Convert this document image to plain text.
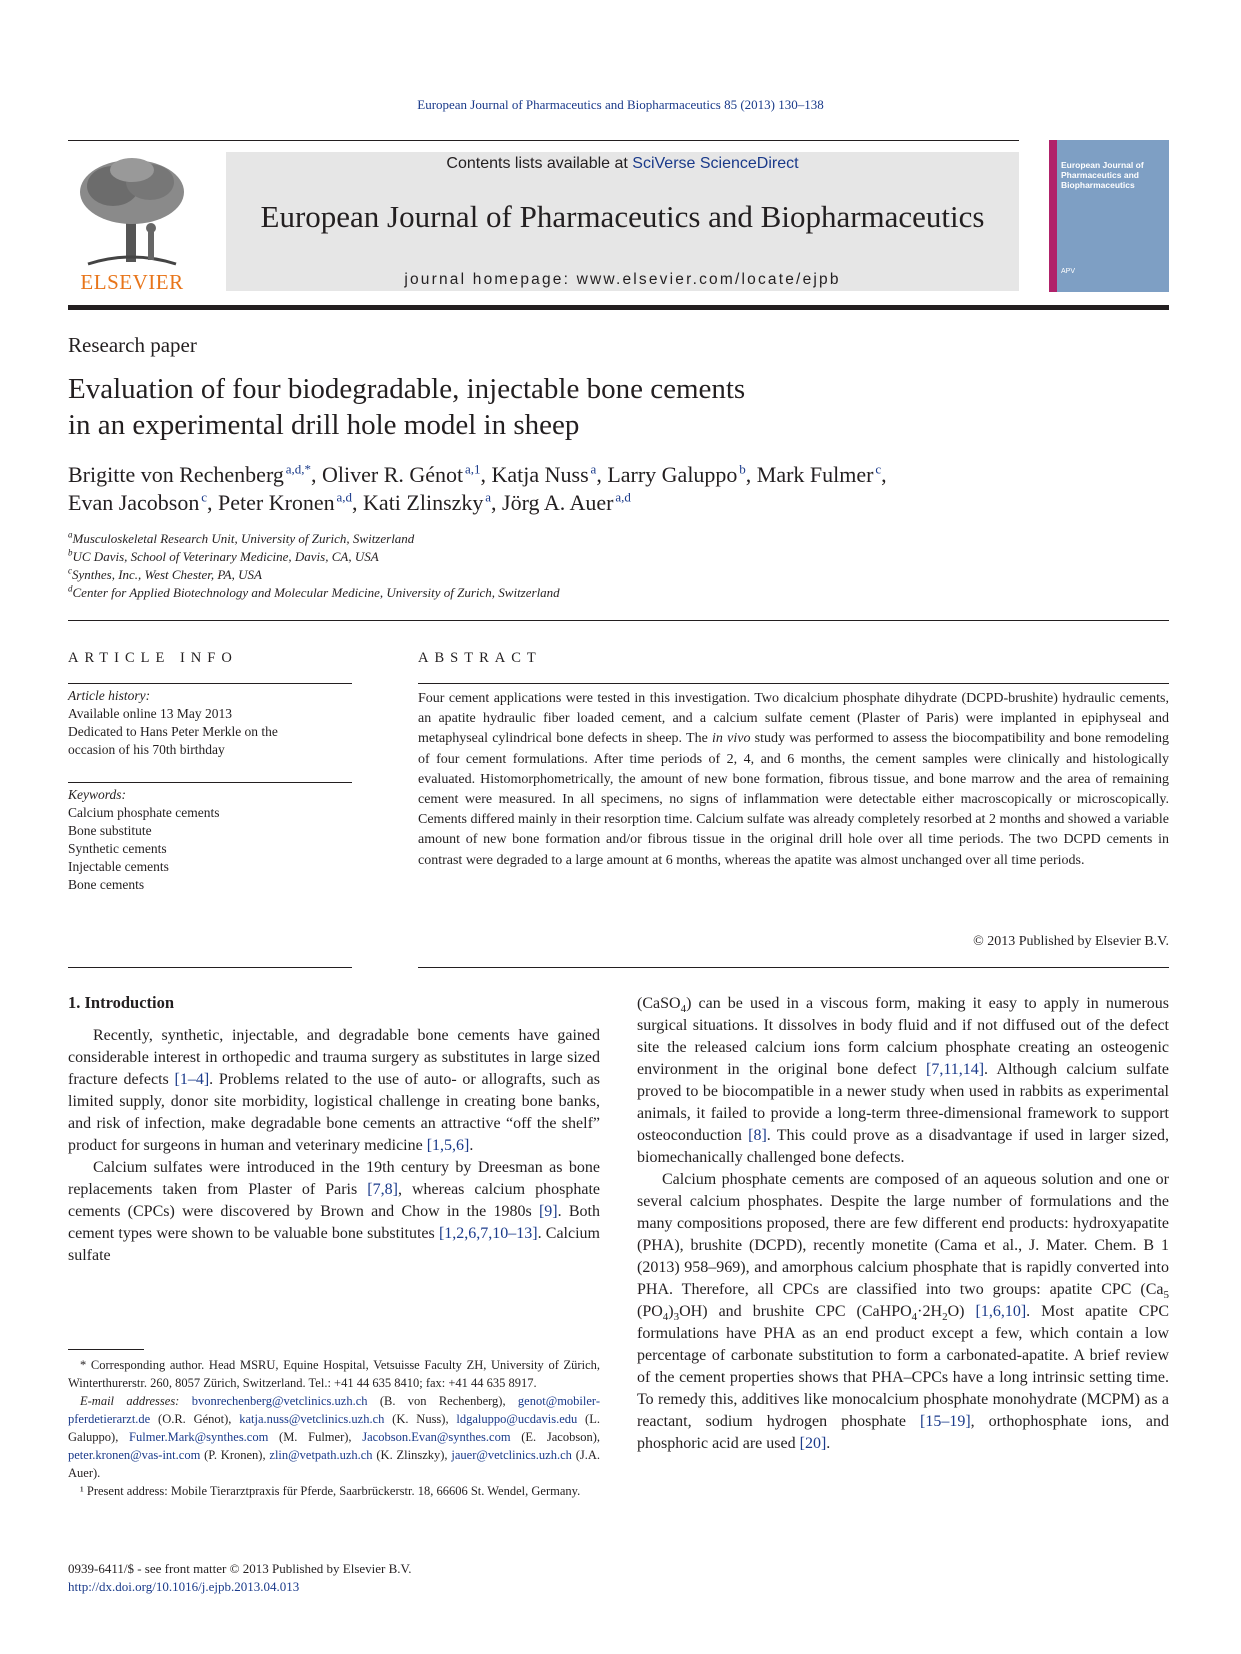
European Journal of Pharmaceutics and Biopharmaceutics 85 (2013) 130–138
ELSEVIER
Contents lists available at SciVerse ScienceDirect
European Journal of Pharmaceutics and Biopharmaceutics
journal homepage: www.elsevier.com/locate/ejpb
European Journal of Pharmaceutics and Biopharmaceutics
APV
Research paper
Evaluation of four biodegradable, injectable bone cements
in an experimental drill hole model in sheep
Brigitte von Rechenberg  $^{a,d,*}$, Oliver R. Génot  $^{a,1}$, Katja Nuss  $^a$, Larry Galuppo  $^b$, Mark Fulmer  $^c$,
Evan Jacobson  $^c$, Peter Kronen  $^{a,d}$, Kati Zlinszky  $^a$, Jörg A. Auer  $^{a,d}$
$^a$Musculoskeletal Research Unit, University of Zurich, Switzerland
$^b$UC Davis, School of Veterinary Medicine, Davis, CA, USA
$^c$Synthes, Inc., West Chester, PA, USA
$^d$Center for Applied Biotechnology and Molecular Medicine, University of Zurich, Switzerland
ARTICLE INFO
Article history:
Available online 13 May 2013
Dedicated to Hans Peter Merkle on the
occasion of his 70th birthday
Keywords:
Calcium phosphate cements
Bone substitute
Synthetic cements
Injectable cements
Bone cements
ABSTRACT
Four cement applications were tested in this investigation. Two dicalcium phosphate dihydrate (DCPD-brushite) hydraulic cements, an apatite hydraulic fiber loaded cement, and a calcium sulfate cement (Plaster of Paris) were implanted in epiphyseal and metaphyseal cylindrical bone defects in sheep. The in vivo study was performed to assess the biocompatibility and bone remodeling of four cement formulations. After time periods of 2, 4, and 6 months, the cement samples were clinically and histologically evaluated. Histomorphometrically, the amount of new bone formation, fibrous tissue, and bone marrow and the area of remaining cement were measured. In all specimens, no signs of inflammation were detectable either macroscopically or microscopically. Cements differed mainly in their resorption time. Calcium sulfate was already completely resorbed at 2 months and showed a variable amount of new bone formation and/or fibrous tissue in the original drill hole over all time periods. The two DCPD cements in contrast were degraded to a large amount at 6 months, whereas the apatite was almost unchanged over all time periods.
© 2013 Published by Elsevier B.V.
1. Introduction

Recently, synthetic, injectable, and degradable bone cements have gained considerable interest in orthopedic and trauma surgery as substitutes in large sized fracture defects [1–4]. Problems related to the use of auto- or allografts, such as limited supply, donor site morbidity, logistical challenge in creating bone banks, and risk of infection, make degradable bone cements an attractive “off the shelf” product for surgeons in human and veterinary medicine [1,5,6].

Calcium sulfates were introduced in the 19th century by Dreesman as bone replacements taken from Plaster of Paris [7,8], whereas calcium phosphate cements (CPCs) were discovered by Brown and Chow in the 1980s [9]. Both cement types were shown to be valuable bone substitutes [1,2,6,7,10–13]. Calcium sulfate

(CaSO$_4$) can be used in a viscous form, making it easy to apply in numerous surgical situations. It dissolves in body fluid and if not diffused out of the defect site the released calcium ions form calcium phosphate creating an osteogenic environment in the original bone defect [7,11,14]. Although calcium sulfate proved to be biocompatible in a newer study when used in rabbits as experimental animals, it failed to provide a long-term three-dimensional framework to support osteoconduction [8]. This could prove as a disadvantage if used in larger sized, biomechanically challenged bone defects.

Calcium phosphate cements are composed of an aqueous solution and one or several calcium phosphates. Despite the large number of formulations and the many compositions proposed, there are few different end products: hydroxyapatite (PHA), brushite (DCPD), recently monetite (Cama et al., J. Mater. Chem. B 1 (2013) 958–969), and amorphous calcium phosphate that is rapidly converted into PHA. Therefore, all CPCs are classified into two groups: apatite CPC ($Ca_5$ $(PO_4)_3OH$) and brushite CPC $(CaHPO_4\cdot 2H_2O)$ [1,6,10]. Most apatite CPC formulations have PHA as an end product except a few, which contain a low percentage of carbonate substitution to form a carbonated-apatite. A brief review of the cement properties shows that PHA–CPCs have a long intrinsic setting time. To remedy this, additives like monocalcium phosphate monohydrate (MCPM) as a reactant, sodium hydrogen phosphate [15–19], orthophosphate ions, and phosphoric acid are used [20].

* Corresponding author. Head MSRU, Equine Hospital, Vetsuisse Faculty ZH, University of Zürich, Winterthurerstr. 260, 8057 Zürich, Switzerland. Tel.: +41 44 635 8410; fax: +41 44 635 8917.

E-mail addresses: bvonrechenberg@vetclinics.uzh.ch (B. von Rechenberg), genot@mobiler-pferdetierarzt.de (O.R. Génot), katja.nuss@vetclinics.uzh.ch (K. Nuss), ldgaluppo@ucdavis.edu (L. Galuppo), Fulmer.Mark@synthes.com (M. Fulmer), Jacobson.Evan@synthes.com (E. Jacobson), peter.kronen@vas-int.com (P. Kronen), zlin@vetpath.uzh.ch (K. Zlinszky), jauer@vetclinics.uzh.ch (J.A. Auer).

¹ Present address: Mobile Tierarztpraxis für Pferde, Saarbrückerstr. 18, 66606 St. Wendel, Germany.

0939-6411/$ - see front matter © 2013 Published by Elsevier B.V.
http://dx.doi.org/10.1016/j.ejpb.2013.04.013
